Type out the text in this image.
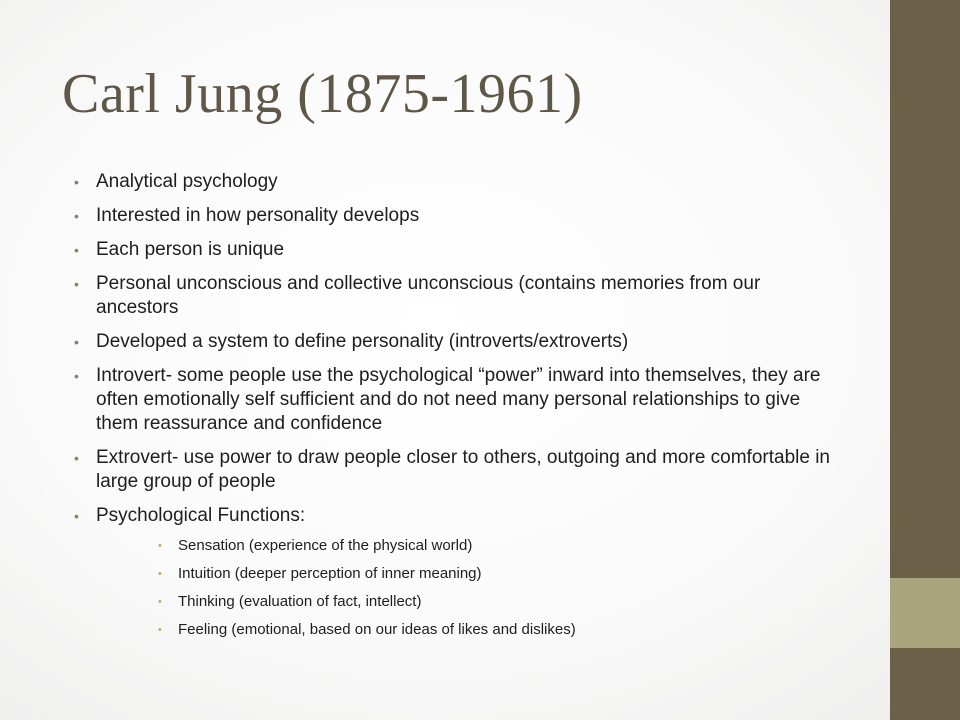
Carl Jung (1875-1961)
• Analytical psychology
• Interested in how personality develops
• Each person is unique
• Personal unconscious and collective unconscious (contains memories from our ancestors
• Developed a system to define personality (introverts/extroverts)
• Introvert- some people use the psychological “power” inward into themselves, they are often emotionally self sufficient and do not need many personal relationships to give them reassurance and confidence
• Extrovert- use power to draw people closer to others, outgoing and more comfortable in large group of people
• Psychological Functions:
• Sensation (experience of the physical world)
• Intuition (deeper perception of inner meaning)
• Thinking (evaluation of fact, intellect)
• Feeling (emotional, based on our ideas of likes and dislikes)
